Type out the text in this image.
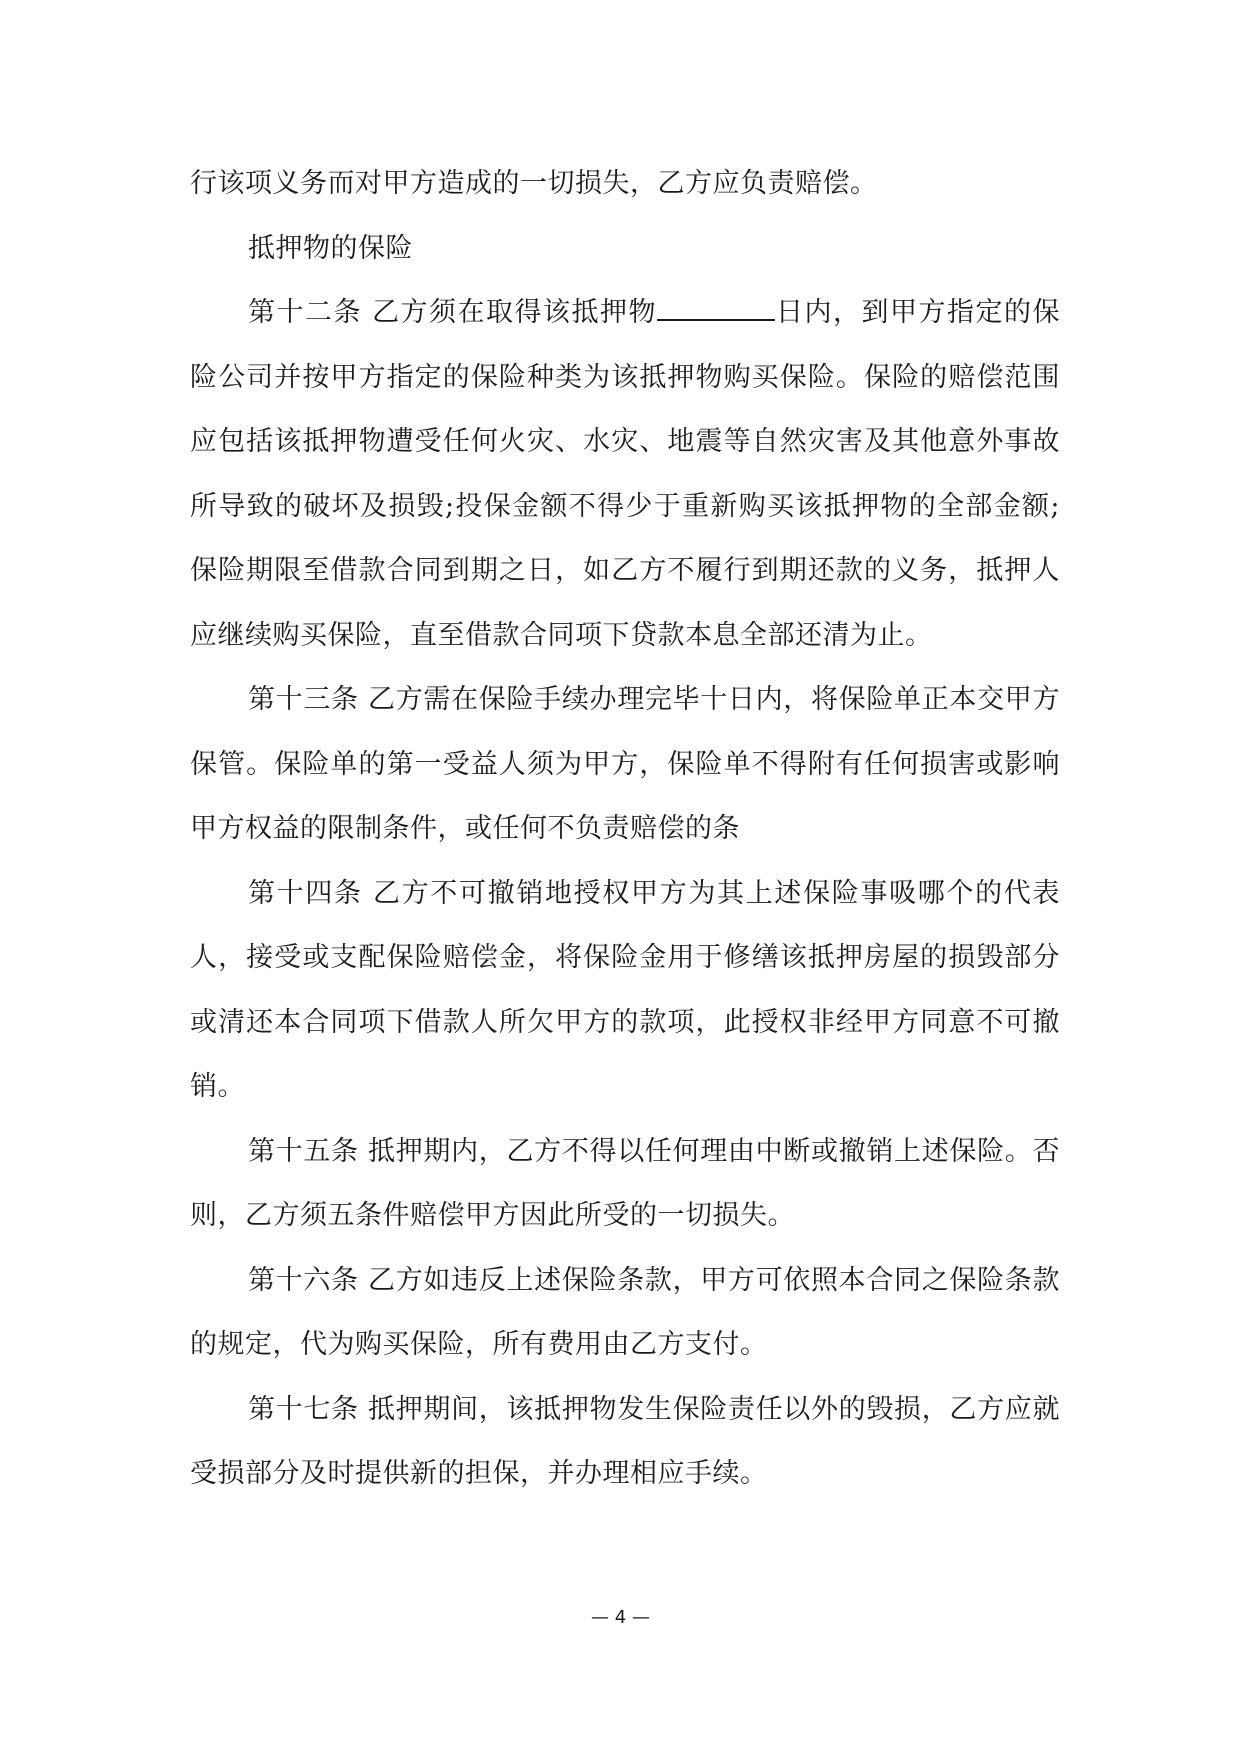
行该项义务而对甲方造成的一切损失，乙方应负责赔偿。

抵押物的保险

第十二条 乙方须在取得该抵押物	日内，到甲方指定的保险公司并按甲方指定的保险种类为该抵押物购买保险。保险的赔偿范围应包括该抵押物遭受任何火灾、水灾、地震等自然灾害及其他意外事故所导致的破坏及损毁;投保金额不得少于重新购买该抵押物的全部金额;保险期限至借款合同到期之日，如乙方不履行到期还款的义务，抵押人应继续购买保险，直至借款合同项下贷款本息全部还清为止。

第十三条 乙方需在保险手续办理完毕十日内，将保险单正本交甲方保管。保险单的第一受益人须为甲方，保险单不得附有任何损害或影响甲方权益的限制条件，或任何不负责赔偿的条

第十四条 乙方不可撤销地授权甲方为其上述保险事吸哪个的代表人，接受或支配保险赔偿金，将保险金用于修缮该抵押房屋的损毁部分或清还本合同项下借款人所欠甲方的款项，此授权非经甲方同意不可撤销。

第十五条 抵押期内，乙方不得以任何理由中断或撤销上述保险。否则，乙方须五条件赔偿甲方因此所受的一切损失。

第十六条 乙方如违反上述保险条款，甲方可依照本合同之保险条款的规定，代为购买保险，所有费用由乙方支付。

第十七条 抵押期间，该抵押物发生保险责任以外的毁损，乙方应就受损部分及时提供新的担保，并办理相应手续。

— 4 —
